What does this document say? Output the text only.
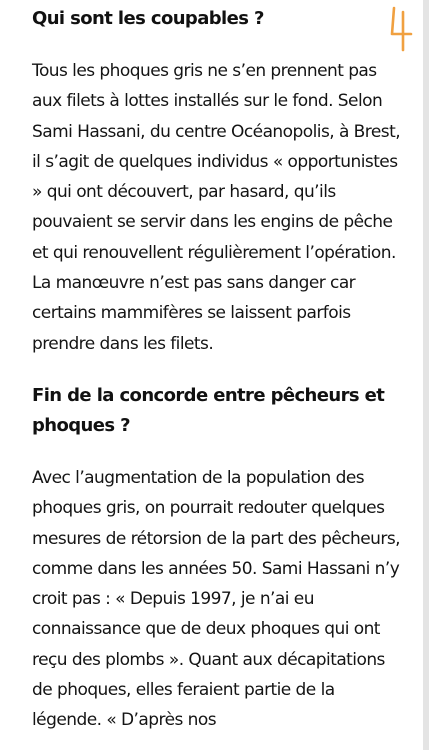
Qui sont les coupables ?

Tous les phoques gris ne s’en prennent pas aux filets à lottes installés sur le fond. Selon Sami Hassani, du centre Océanopolis, à Brest, il s’agit de quelques individus « opportunistes » qui ont découvert, par hasard, qu’ils pouvaient se servir dans les engins de pêche et qui renouvellent régulièrement l’opération. La manœuvre n’est pas sans danger car certains mammifères se laissent parfois prendre dans les filets.

Fin de la concorde entre pêcheurs et phoques ?

Avec l’augmentation de la population des phoques gris, on pourrait redouter quelques mesures de rétorsion de la part des pêcheurs, comme dans les années 50. Sami Hassani n’y croit pas : « Depuis 1997, je n’ai eu connaissance que de deux phoques qui ont reçu des plombs ». Quant aux décapitations de phoques, elles feraient partie de la légende. « D’après nos
